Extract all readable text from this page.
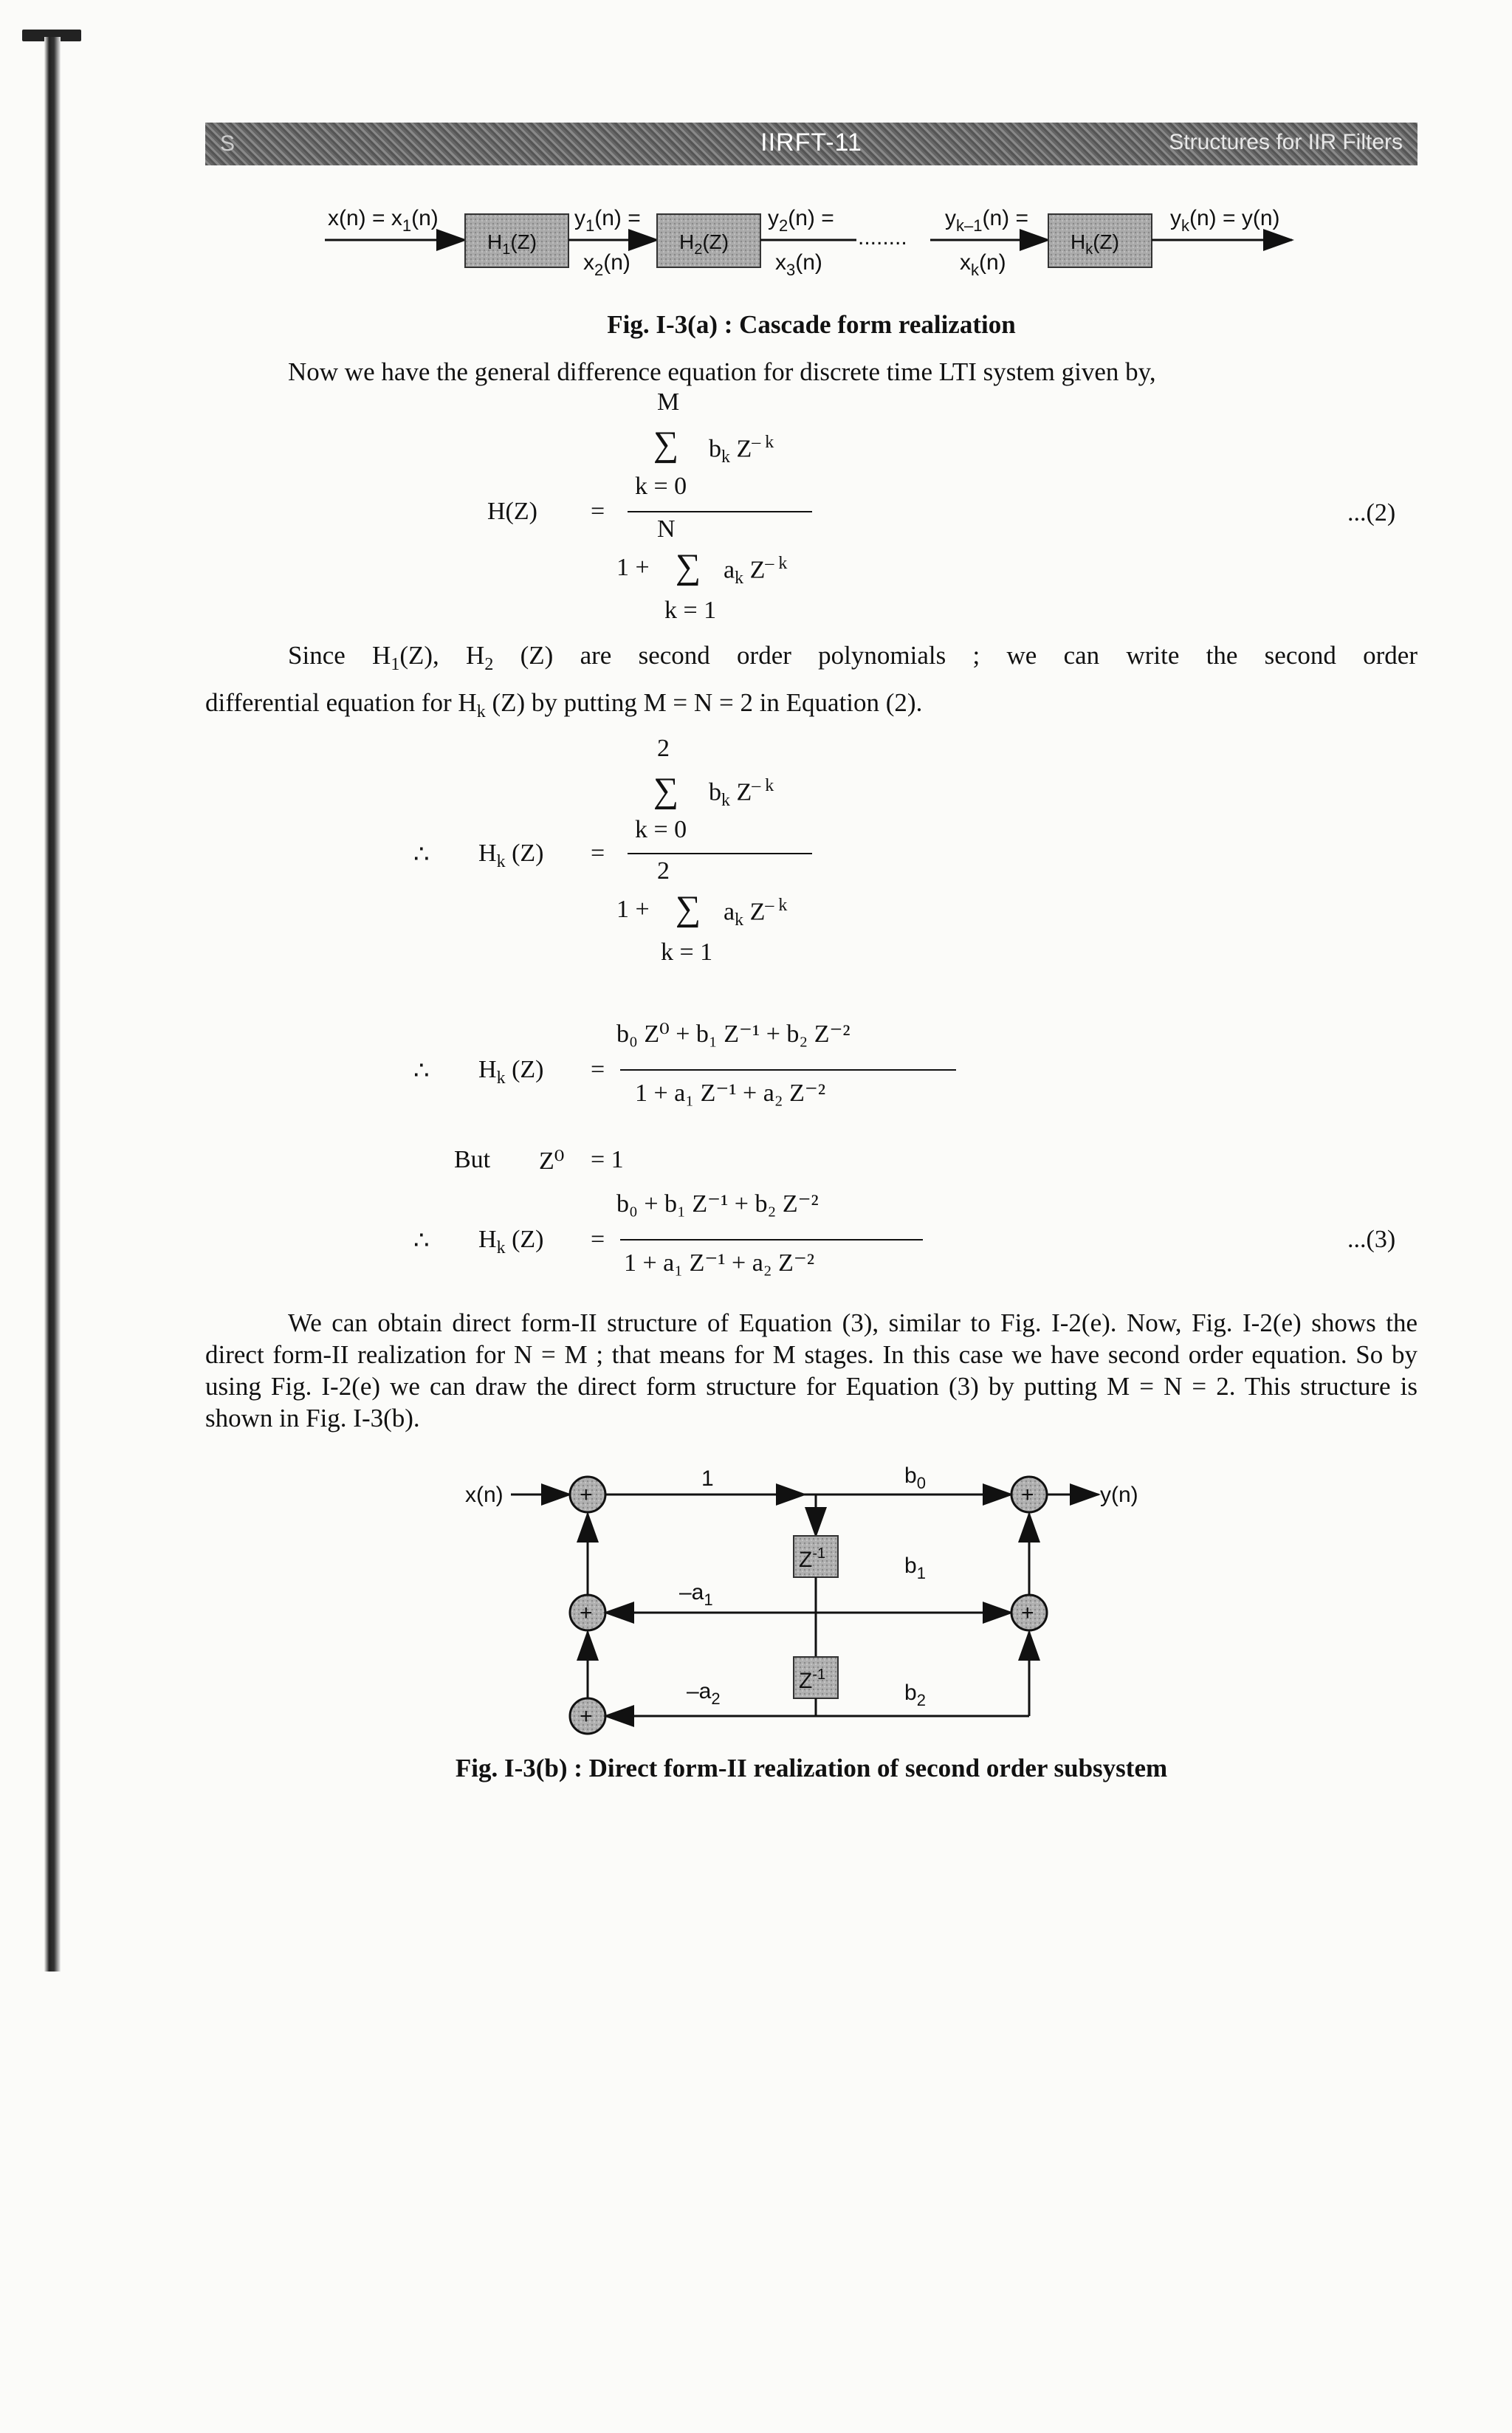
S	IIRFT-11	Structures for IIR Filters
$x(n) = x_1(n)$
$H_1(Z)$
$y_1(n)$ =
$x_2(n)$
$H_2(Z)$
$y_2(n)$ =
........
$x_3(n)$
$y_{k-1}(n)$ =
$x_k(n)$
$H_k(Z)$
$y_k(n) = y(n)$
Fig. I-3(a) : Cascade form realization
Now we have the general difference equation for discrete time LTI system given by,
M
∑ $b_k$ $Z^{- k}$
k = 0
H(Z) =
N
1 + ∑ $a_k$ $Z^{- k}$
k = 1
...(2)
Since $H_1(Z)$, $H_2$ (Z) are second order polynomials ; we can write the second order
differential equation for $H_k$ (Z) by putting M = N = 2 in Equation (2).
2
∑ $b_k$ $Z^{- k}$
k = 0
∴ $H_k$ (Z) =
2
1 + ∑ $a_k$ $Z^{- k}$
k = 1
b₀ Z⁰ + b₁ Z⁻¹ + b₂ Z⁻²
∴ $H_k$ (Z) =
1 + a₁ Z⁻¹ + a₂ Z⁻²
But Z⁰ = 1
b₀ + b₁ Z⁻¹ + b₂ Z⁻²
∴ $H_k$ (Z) =
1 + a₁ Z⁻¹ + a₂ Z⁻²
...(3)
We can obtain direct form-II structure of Equation (3), similar to Fig. I-2(e). Now, Fig. I-2(e) shows the direct form-II realization for N = M ; that means for M stages. In this case we have second order equation. So by using Fig. I-2(e) we can draw the direct form structure for Equation (3) by putting M = N = 2. This structure is shown in Fig. I-3(b).
x(n)	+
+
+
1	$b_0$
$Z^{-1}$
$Z^{-1}$
$-a_1$
$b_1$
$-a_2$	$b_2$
+
+
y(n)
Fig. I-3(b) : Direct form-II realization of second order subsystem
